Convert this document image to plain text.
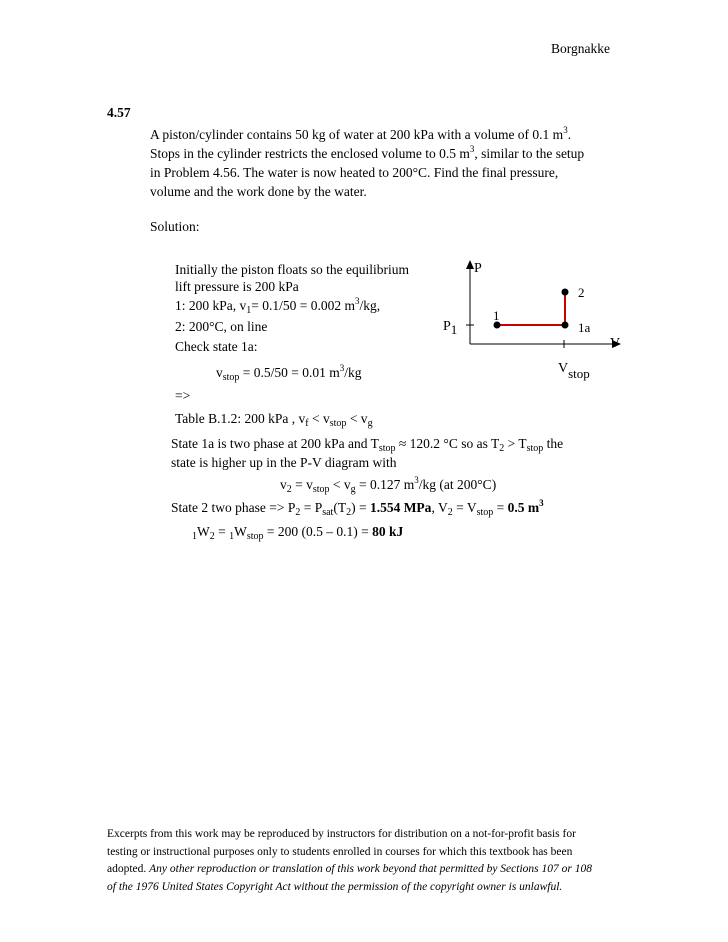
Borgnakke
4.57
A piston/cylinder contains 50 kg of water at 200 kPa with a volume of 0.1 $m^3$.
Stops in the cylinder restricts the enclosed volume to 0.5 $m^3$, similar to the setup
in Problem 4.56. The water is now heated to 200°C. Find the final pressure,
volume and the work done by the water.
Solution:
Initially the piston floats so the equilibrium
lift pressure is 200 kPa
1: 200 kPa, $v_1= 0.1/50 = 0.002$ $m^3/kg$,
2: 200°C, on line
Check state 1a:
$v_{stop} = 0.5/50 = 0.01$ $m^3/kg$
=>
Table B.1.2: 200 kPa , $v_f < v_{stop} < v_g$
State 1a is two phase at 200 kPa and $T_{stop} \approx 120.2$ °C so as $T_2 > T_{stop}$ the
state is higher up in the P-V diagram with
$v_2 = v_{stop} < v_g = 0.127$ $m^3/kg$ (at 200°C)
State 2 two phase => $P_2 = P_{sat}(T_2) = 1.554$ MPa, $V_2 = V_{stop} = 0.5$ $m^3$
$_1W_2 = _1W_{stop} = 200$ (0.5 – 0.1) = 80 kJ
P
V
P1
Vstop
1
1a
2
Excerpts from this work may be reproduced by instructors for distribution on a not-for-profit basis for
testing or instructional purposes only to students enrolled in courses for which this textbook has been
adopted. Any other reproduction or translation of this work beyond that permitted by Sections 107 or 108
of the 1976 United States Copyright Act without the permission of the copyright owner is unlawful.
